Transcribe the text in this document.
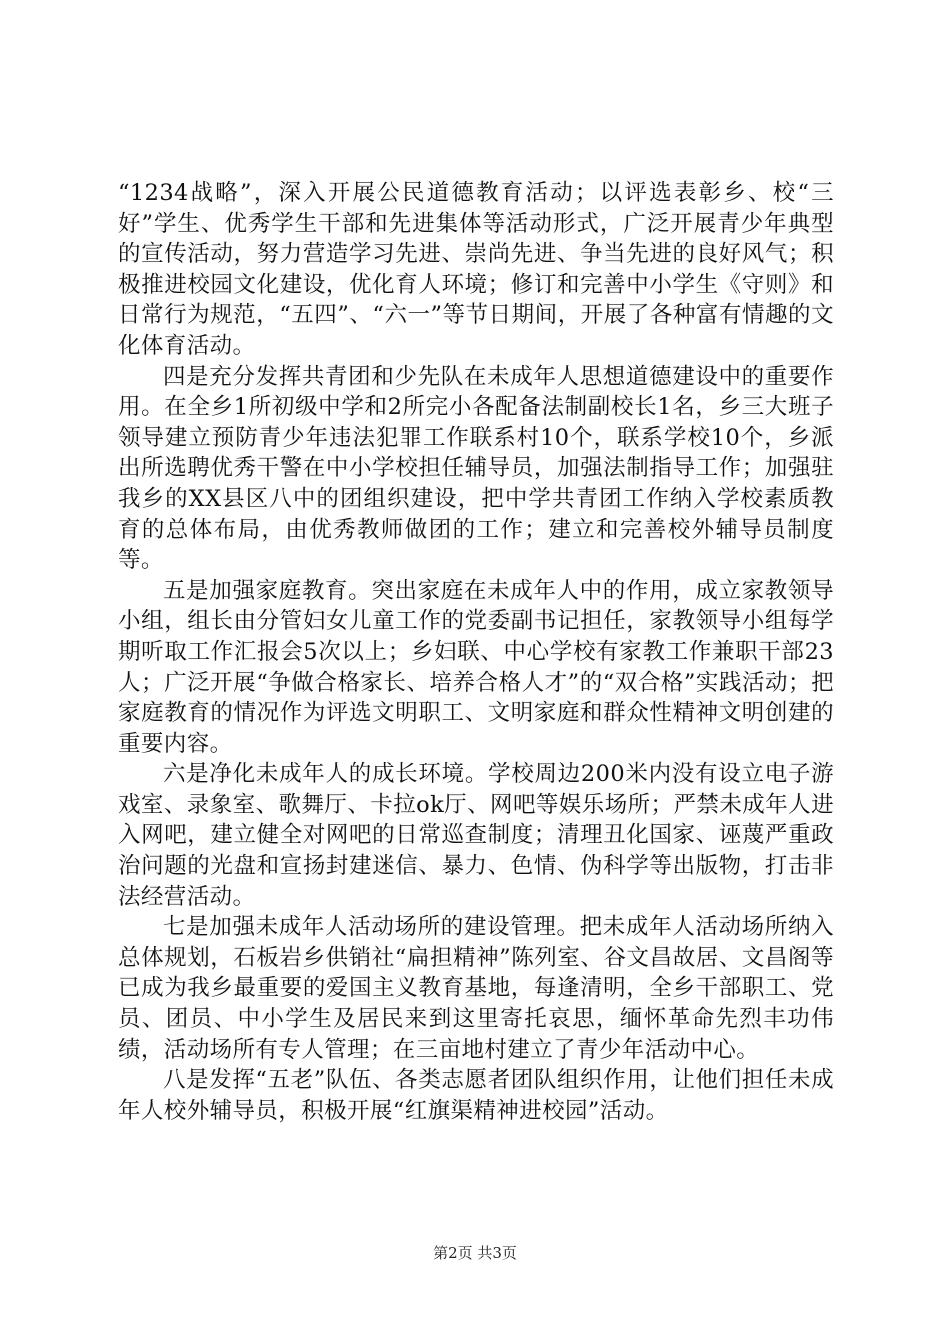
“1234战略”，深入开展公民道德教育活动；以评选表彰乡、校“三好”学生、优秀学生干部和先进集体等活动形式，广泛开展青少年典型的宣传活动，努力营造学习先进、崇尚先进、争当先进的良好风气；积极推进校园文化建设，优化育人环境；修订和完善中小学生《守则》和日常行为规范，“五四”、“六一”等节日期间，开展了各种富有情趣的文化体育活动。

四是充分发挥共青团和少先队在未成年人思想道德建设中的重要作用。在全乡1所初级中学和2所完小各配备法制副校长1名，乡三大班子领导建立预防青少年违法犯罪工作联系村10个，联系学校10个，乡派出所选聘优秀干警在中小学校担任辅导员，加强法制指导工作；加强驻我乡的XX县区八中的团组织建设，把中学共青团工作纳入学校素质教育的总体布局，由优秀教师做团的工作；建立和完善校外辅导员制度等。

五是加强家庭教育。突出家庭在未成年人中的作用，成立家教领导小组，组长由分管妇女儿童工作的党委副书记担任，家教领导小组每学期听取工作汇报会5次以上；乡妇联、中心学校有家教工作兼职干部23人；广泛开展“争做合格家长、培养合格人才”的“双合格”实践活动；把家庭教育的情况作为评选文明职工、文明家庭和群众性精神文明创建的重要内容。

六是净化未成年人的成长环境。学校周边200米内没有设立电子游戏室、录象室、歌舞厅、卡拉ok厅、网吧等娱乐场所；严禁未成年人进入网吧，建立健全对网吧的日常巡查制度；清理丑化国家、诬蔑严重政治问题的光盘和宣扬封建迷信、暴力、色情、伪科学等出版物，打击非法经营活动。

七是加强未成年人活动场所的建设管理。把未成年人活动场所纳入总体规划，石板岩乡供销社“扁担精神”陈列室、谷文昌故居、文昌阁等已成为我乡最重要的爱国主义教育基地，每逢清明，全乡干部职工、党员、团员、中小学生及居民来到这里寄托哀思，缅怀革命先烈丰功伟绩，活动场所有专人管理；在三亩地村建立了青少年活动中心。

八是发挥“五老”队伍、各类志愿者团队组织作用，让他们担任未成年人校外辅导员，积极开展“红旗渠精神进校园”活动。

第2页 共3页
